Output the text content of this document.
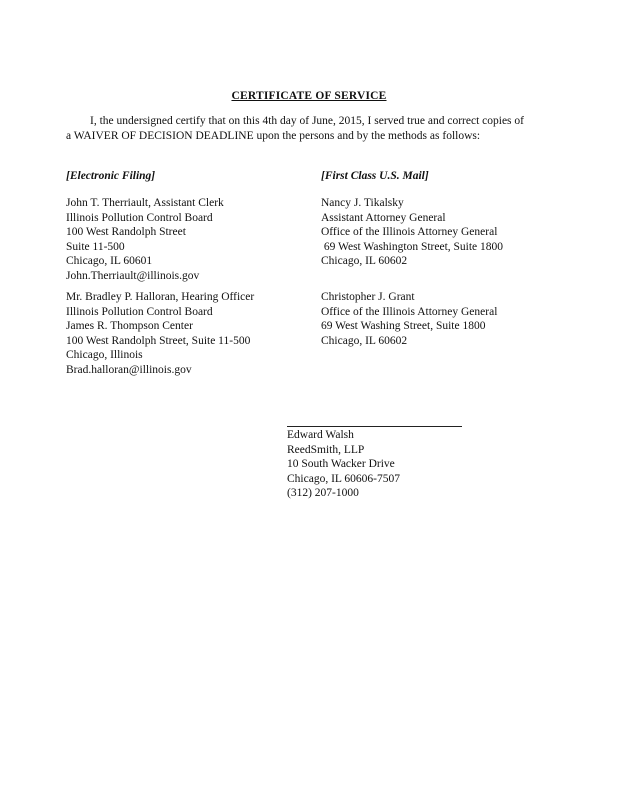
CERTIFICATE OF SERVICE

I, the undersigned certify that on this 4th day of June, 2015, I served true and correct copies of a WAIVER OF DECISION DEADLINE upon the persons and by the methods as follows:

[Electronic Filing]

John T. Therriault, Assistant Clerk
Illinois Pollution Control Board
100 West Randolph Street
Suite 11-500
Chicago, IL 60601
John.Therriault@illinois.gov
Mr. Bradley P. Halloran, Hearing Officer
Illinois Pollution Control Board
James R. Thompson Center
100 West Randolph Street, Suite 11-500
Chicago, Illinois
Brad.halloran@illinois.gov

[First Class U.S. Mail]

Nancy J. Tikalsky
Assistant Attorney General
Office of the Illinois Attorney General
69 West Washington Street, Suite 1800
Chicago, IL 60602
Christopher J. Grant
Office of the Illinois Attorney General
69 West Washing Street, Suite 1800
Chicago, IL 60602
Edward Walsh
ReedSmith, LLP
10 South Wacker Drive
Chicago, IL 60606-7507
(312) 207-1000
